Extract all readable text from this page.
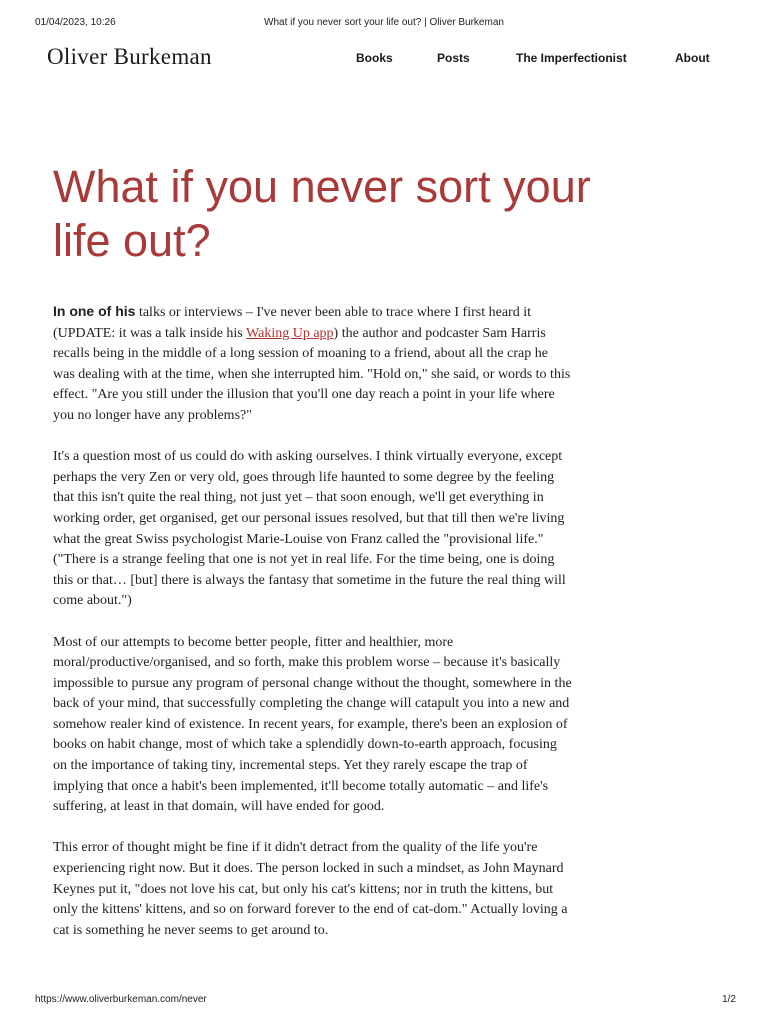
01/04/2023, 10:26	What if you never sort your life out? | Oliver Burkeman
Oliver Burkeman	Books	Posts	The Imperfectionist	About
What if you never sort your life out?

In one of his talks or interviews – I've never been able to trace where I first heard it (UPDATE: it was a talk inside his Waking Up app) the author and podcaster Sam Harris recalls being in the middle of a long session of moaning to a friend, about all the crap he was dealing with at the time, when she interrupted him. "Hold on," she said, or words to this effect. "Are you still under the illusion that you'll one day reach a point in your life where you no longer have any problems?"

It's a question most of us could do with asking ourselves. I think virtually everyone, except perhaps the very Zen or very old, goes through life haunted to some degree by the feeling that this isn't quite the real thing, not just yet – that soon enough, we'll get everything in working order, get organised, get our personal issues resolved, but that till then we're living what the great Swiss psychologist Marie-Louise von Franz called the "provisional life." ("There is a strange feeling that one is not yet in real life. For the time being, one is doing this or that… [but] there is always the fantasy that sometime in the future the real thing will come about.")

Most of our attempts to become better people, fitter and healthier, more moral/productive/organised, and so forth, make this problem worse – because it's basically impossible to pursue any program of personal change without the thought, somewhere in the back of your mind, that successfully completing the change will catapult you into a new and somehow realer kind of existence. In recent years, for example, there's been an explosion of books on habit change, most of which take a splendidly down-to-earth approach, focusing on the importance of taking tiny, incremental steps. Yet they rarely escape the trap of implying that once a habit's been implemented, it'll become totally automatic – and life's suffering, at least in that domain, will have ended for good.

This error of thought might be fine if it didn't detract from the quality of the life you're experiencing right now. But it does. The person locked in such a mindset, as John Maynard Keynes put it, "does not love his cat, but only his cat's kittens; nor in truth the kittens, but only the kittens' kittens, and so on forward forever to the end of cat-dom." Actually loving a cat is something he never seems to get around to.

https://www.oliverburkeman.com/never	1/2
